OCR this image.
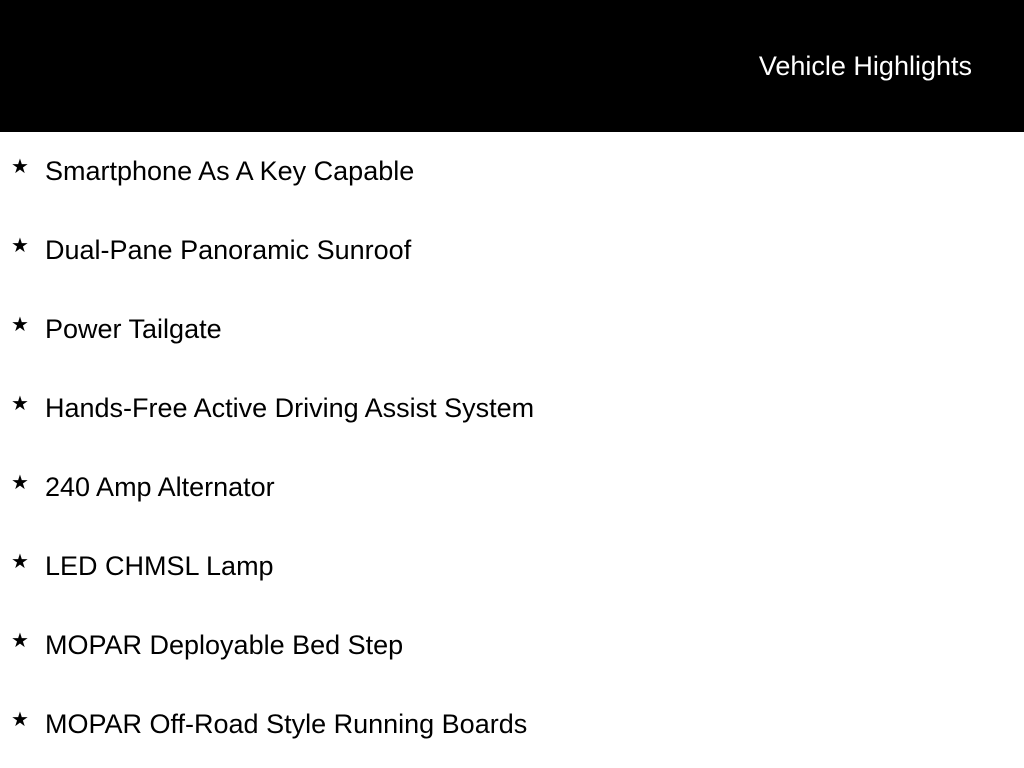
Vehicle Highlights
★ Smartphone As A Key Capable
★ Dual-Pane Panoramic Sunroof
★ Power Tailgate
★ Hands-Free Active Driving Assist System
★ 240 Amp Alternator
★ LED CHMSL Lamp
★ MOPAR Deployable Bed Step
★ MOPAR Off-Road Style Running Boards
